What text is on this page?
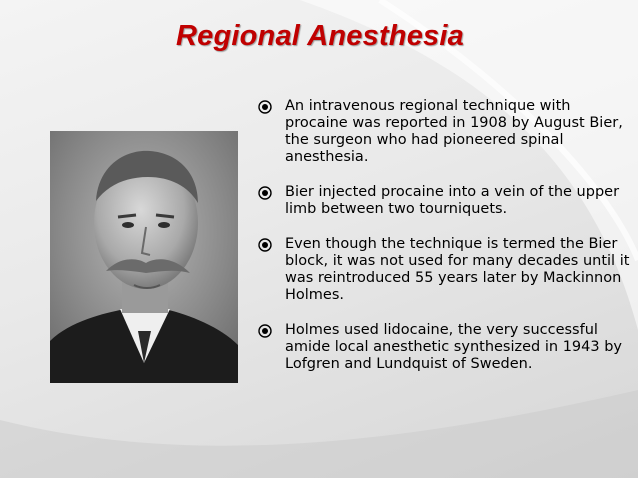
Regional Anesthesia
An intravenous regional technique with procaine was reported in 1908 by August Bier, the surgeon who had pioneered spinal anesthesia.
Bier injected procaine into a vein of the upper limb between two tourniquets.
Even though the technique is termed the Bier block, it was not used for many decades until it was reintroduced 55 years later by Mackinnon Holmes.
Holmes used lidocaine, the very successful amide local anesthetic synthesized in 1943 by Lofgren and Lundquist of Sweden.
